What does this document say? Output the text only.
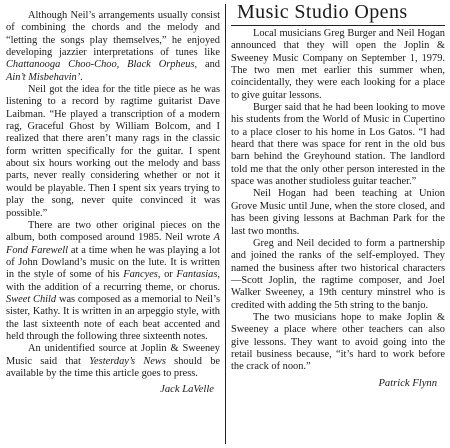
Although Neil’s arrangements usually consist of combining the chords and the melody and “letting the songs play themselves,” he enjoyed developing jazzier interpretations of tunes like Chattanooga Choo-Choo, Black Orpheus, and Ain’t Misbehavin’.

Neil got the idea for the title piece as he was listening to a record by ragtime guitarist Dave Laibman. “He played a transcription of a modern rag, Graceful Ghost by William Bolcom, and I realized that there aren’t many rags in the classic form written specifically for the guitar. I spent about six hours working out the melody and bass parts, never really considering whether or not it would be playable. Then I spent six years trying to play the song, never quite convinced it was possible.”

There are two other original pieces on the album, both composed around 1985. Neil wrote A Fond Farewell at a time when he was playing a lot of John Dowland’s music on the lute. It is written in the style of some of his Fancyes, or Fantasias, with the addition of a recurring theme, or chorus. Sweet Child was composed as a memorial to Neil’s sister, Kathy. It is written in an arpeggio style, with the last sixteenth note of each beat accented and held through the following three sixteenth notes.

An unidentified source at Joplin & Sweeney Music said that Yesterday’s News should be available by the time this article goes to press.

Jack LaVelle
Music Studio Opens

Local musicians Greg Burger and Neil Hogan announced that they will open the Joplin & Sweeney Music Company on September 1, 1979. The two men met earlier this summer when, coincidentally, they were each looking for a place to give guitar lessons.

Burger said that he had been looking to move his students from the World of Music in Cupertino to a place closer to his home in Los Gatos. “I had heard that there was space for rent in the old bus barn behind the Greyhound station. The landlord told me that the only other person interested in the space was another studioless guitar teacher.”

Neil Hogan had been teaching at Union Grove Music until June, when the store closed, and has been giving lessons at Bachman Park for the last two months.

Greg and Neil decided to form a partnership and joined the ranks of the self-employed. They named the business after two historical characters—Scott Joplin, the ragtime composer, and Joel Walker Sweeney, a 19th century minstrel who is credited with adding the 5th string to the banjo.

The two musicians hope to make Joplin & Sweeney a place where other teachers can also give lessons. They want to avoid going into the retail business because, “it’s hard to work before the crack of noon.”

Patrick Flynn
